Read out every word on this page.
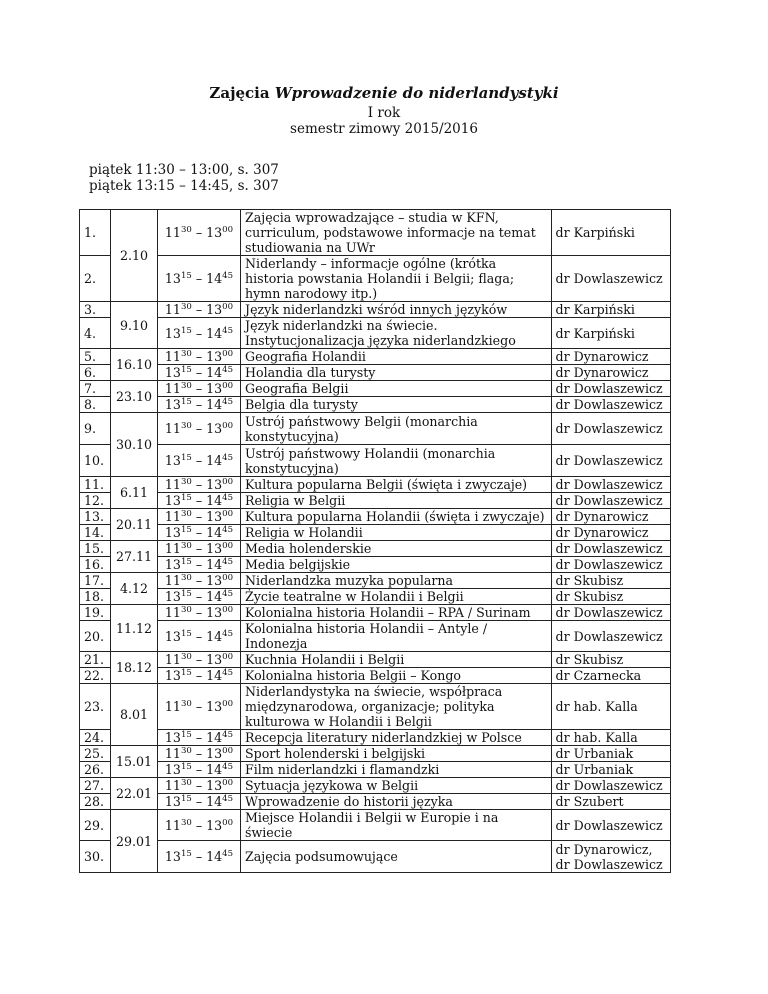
Zajęcia Wprowadzenie do niderlandystyki
I rok
semestr zimowy 2015/2016
piątek 11:30 – 13:00, s. 307
piątek 13:15 – 14:45, s. 307
1.	2.10	$11^{30} - 13^{00}$	Zajęcia wprowadzające – studia w KFN, curriculum, podstawowe informacje na temat studiowania na UWr	dr Karpiński
2.		$13^{15} - 14^{45}$	Niderlandy – informacje ogólne (krótka historia powstania Holandii i Belgii; flaga; hymn narodowy itp.)	dr Dowlaszewicz
3.	9.10	$11^{30} - 13^{00}$	Język niderlandzki wśród innych języków	dr Karpiński
4.		$13^{15} - 14^{45}$	Język niderlandzki na świecie. Instytucjonalizacja języka niderlandzkiego	dr Karpiński
5.	16.10	$11^{30} - 13^{00}$	Geografia Holandii	dr Dynarowicz
6.		$13^{15} - 14^{45}$	Holandia dla turysty	dr Dynarowicz
7.	23.10	$11^{30} - 13^{00}$	Geografia Belgii	dr Dowlaszewicz
8.		$13^{15} - 14^{45}$	Belgia dla turysty	dr Dowlaszewicz
9.	30.10	$11^{30} - 13^{00}$	Ustrój państwowy Belgii (monarchia konstytucyjna)	dr Dowlaszewicz
10.		$13^{15} - 14^{45}$	Ustrój państwowy Holandii (monarchia konstytucyjna)	dr Dowlaszewicz
11.	6.11	$11^{30} - 13^{00}$	Kultura popularna Belgii (święta i zwyczaje)	dr Dowlaszewicz
12.		$13^{15} - 14^{45}$	Religia w Belgii	dr Dowlaszewicz
13.	20.11	$11^{30} - 13^{00}$	Kultura popularna Holandii (święta i zwyczaje)	dr Dynarowicz
14.		$13^{15} - 14^{45}$	Religia w Holandii	dr Dynarowicz
15.	27.11	$11^{30} - 13^{00}$	Media holenderskie	dr Dowlaszewicz
16.		$13^{15} - 14^{45}$	Media belgijskie	dr Dowlaszewicz
17.	4.12	$11^{30} - 13^{00}$	Niderlandzka muzyka popularna	dr Skubisz
18.		$13^{15} - 14^{45}$	Życie teatralne w Holandii i Belgii	dr Skubisz
19.	11.12	$11^{30} - 13^{00}$	Kolonialna historia Holandii – RPA / Surinam	dr Dowlaszewicz
20.		$13^{15} - 14^{45}$	Kolonialna historia Holandii – Antyle / Indonezja	dr Dowlaszewicz
21.	18.12	$11^{30} - 13^{00}$	Kuchnia Holandii i Belgii	dr Skubisz
22.		$13^{15} - 14^{45}$	Kolonialna historia Belgii – Kongo	dr Czarnecka
23.	8.01	$11^{30} - 13^{00}$	Niderlandystyka na świecie, współpraca międzynarodowa, organizacje; polityka kulturowa w Holandii i Belgii	dr hab. Kalla
24.		$13^{15} - 14^{45}$	Recepcja literatury niderlandzkiej w Polsce	dr hab. Kalla
25.	15.01	$11^{30} - 13^{00}$	Sport holenderski i belgijski	dr Urbaniak
26.		$13^{15} - 14^{45}$	Film niderlandzki i flamandzki	dr Urbaniak
27.	22.01	$11^{30} - 13^{00}$	Sytuacja językowa w Belgii	dr Dowlaszewicz
28.		$13^{15} - 14^{45}$	Wprowadzenie do historii języka	dr Szubert
29.	29.01	$11^{30} - 13^{00}$	Miejsce Holandii i Belgii w Europie i na świecie	dr Dowlaszewicz
30.		$13^{15} - 14^{45}$	Zajęcia podsumowujące	dr Dynarowicz, dr Dowlaszewicz
